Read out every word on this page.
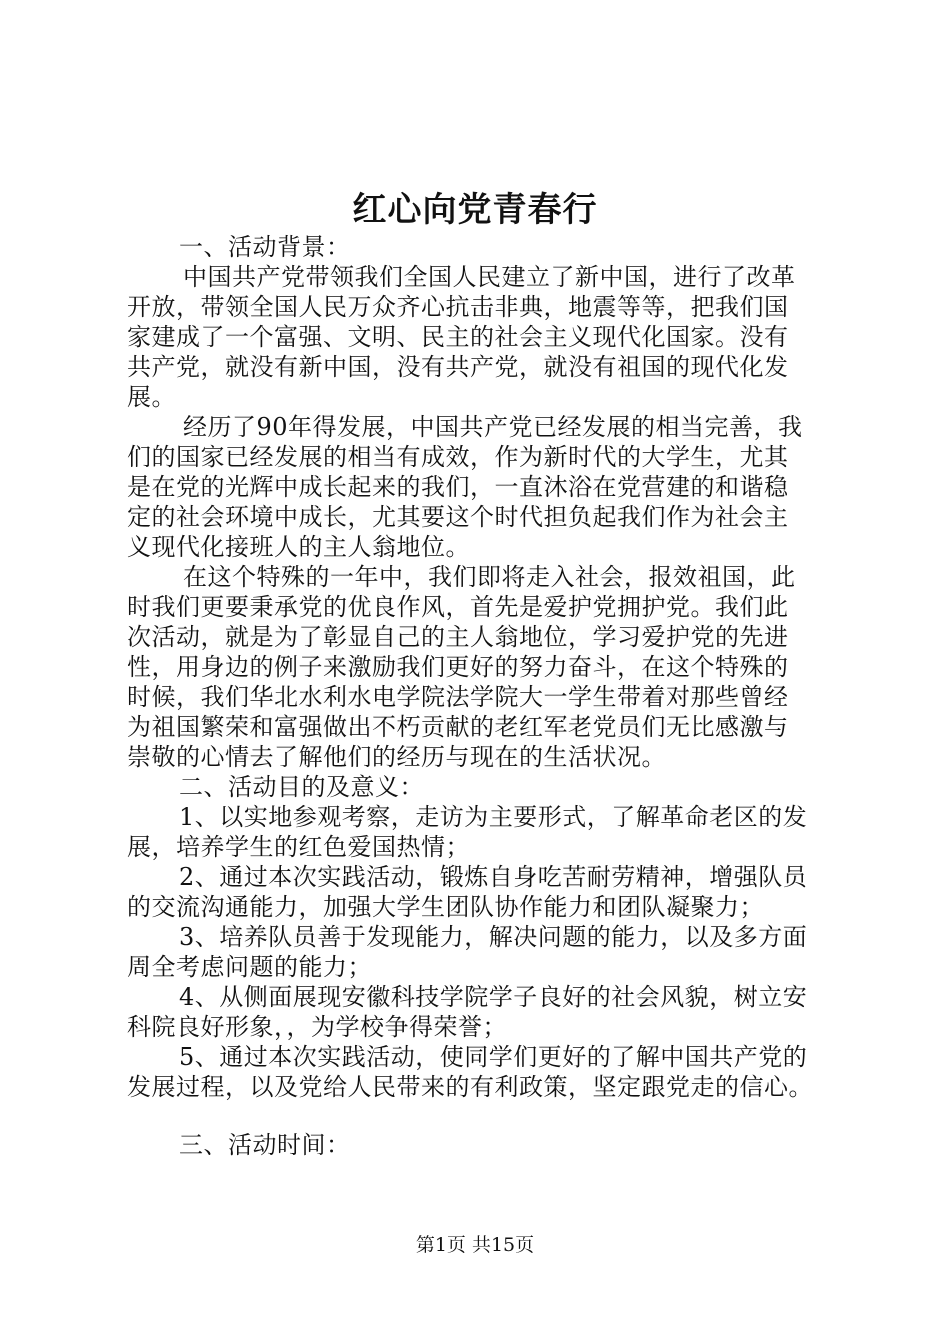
红心向党青春行
一、活动背景：
中国共产党带领我们全国人民建立了新中国，进行了改革
开放，带领全国人民万众齐心抗击非典，地震等等，把我们国
家建成了一个富强、文明、民主的社会主义现代化国家。没有
共产党，就没有新中国，没有共产党，就没有祖国的现代化发
展。
经历了90年得发展，中国共产党已经发展的相当完善，我
们的国家已经发展的相当有成效，作为新时代的大学生，尤其
是在党的光辉中成长起来的我们，一直沐浴在党营建的和谐稳
定的社会环境中成长，尤其要这个时代担负起我们作为社会主
义现代化接班人的主人翁地位。
在这个特殊的一年中，我们即将走入社会，报效祖国，此
时我们更要秉承党的优良作风，首先是爱护党拥护党。我们此
次活动，就是为了彰显自己的主人翁地位，学习爱护党的先进
性，用身边的例子来激励我们更好的努力奋斗，在这个特殊的
时候，我们华北水利水电学院法学院大一学生带着对那些曾经
为祖国繁荣和富强做出不朽贡献的老红军老党员们无比感激与
崇敬的心情去了解他们的经历与现在的生活状况。
二、活动目的及意义：
1、以实地参观考察，走访为主要形式，了解革命老区的发
展，培养学生的红色爱国热情；
2、通过本次实践活动，锻炼自身吃苦耐劳精神，增强队员
的交流沟通能力，加强大学生团队协作能力和团队凝聚力；
3、培养队员善于发现能力，解决问题的能力，以及多方面
周全考虑问题的能力；
4、从侧面展现安徽科技学院学子良好的社会风貌，树立安
科院良好形象，，为学校争得荣誉；
5、通过本次实践活动，使同学们更好的了解中国共产党的
发展过程，以及党给人民带来的有利政策，坚定跟党走的信心。
三、活动时间：
第1页 共15页
